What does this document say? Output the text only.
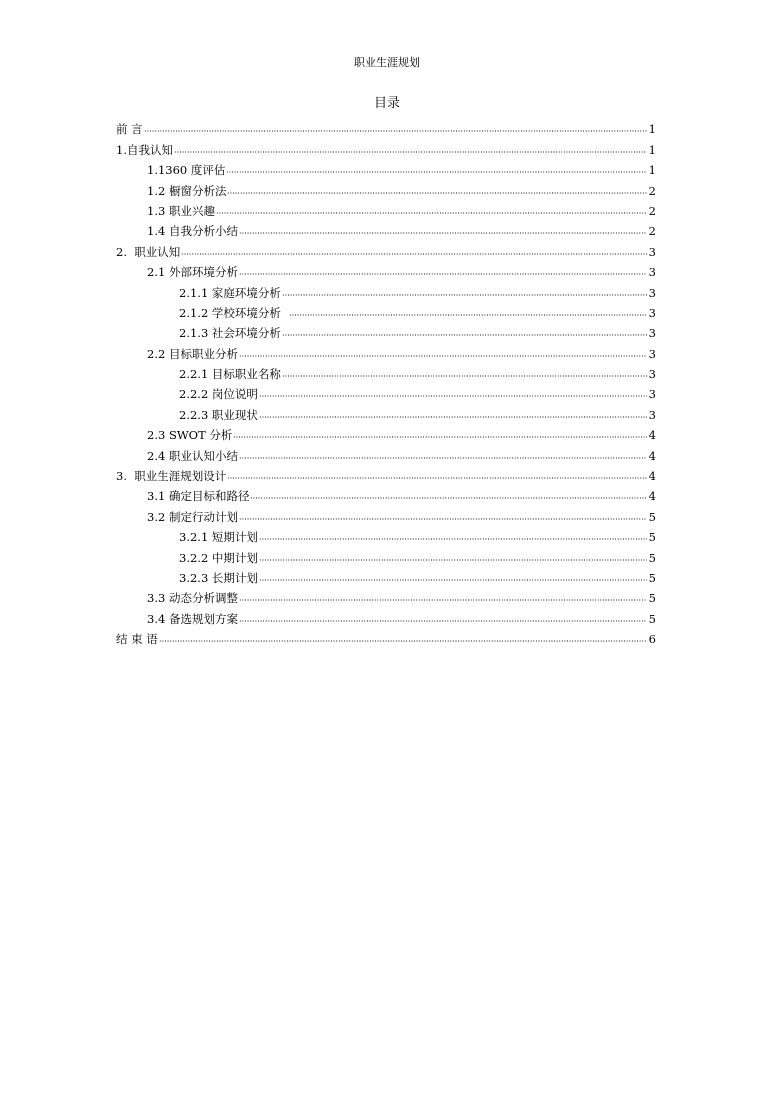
职业生涯规划
目录
前 言	1
1.自我认知	1
1.1360 度评估	1
1.2 橱窗分析法	2
1.3 职业兴趣	2
1.4 自我分析小结	2
2.  职业认知	3
2.1 外部环境分析	3
2.1.1 家庭环境分析	3
2.1.2 学校环境分析	3
2.1.3 社会环境分析	3
2.2 目标职业分析	3
2.2.1 目标职业名称	3
2.2.2 岗位说明	3
2.2.3 职业现状	3
2.3 SWOT 分析	4
2.4 职业认知小结	4
3.  职业生涯规划设计	4
3.1 确定目标和路径	4
3.2 制定行动计划	5
3.2.1 短期计划	5
3.2.2 中期计划	5
3.2.3 长期计划	5
3.3 动态分析调整	5
3.4 备选规划方案	5
结 束 语	6
